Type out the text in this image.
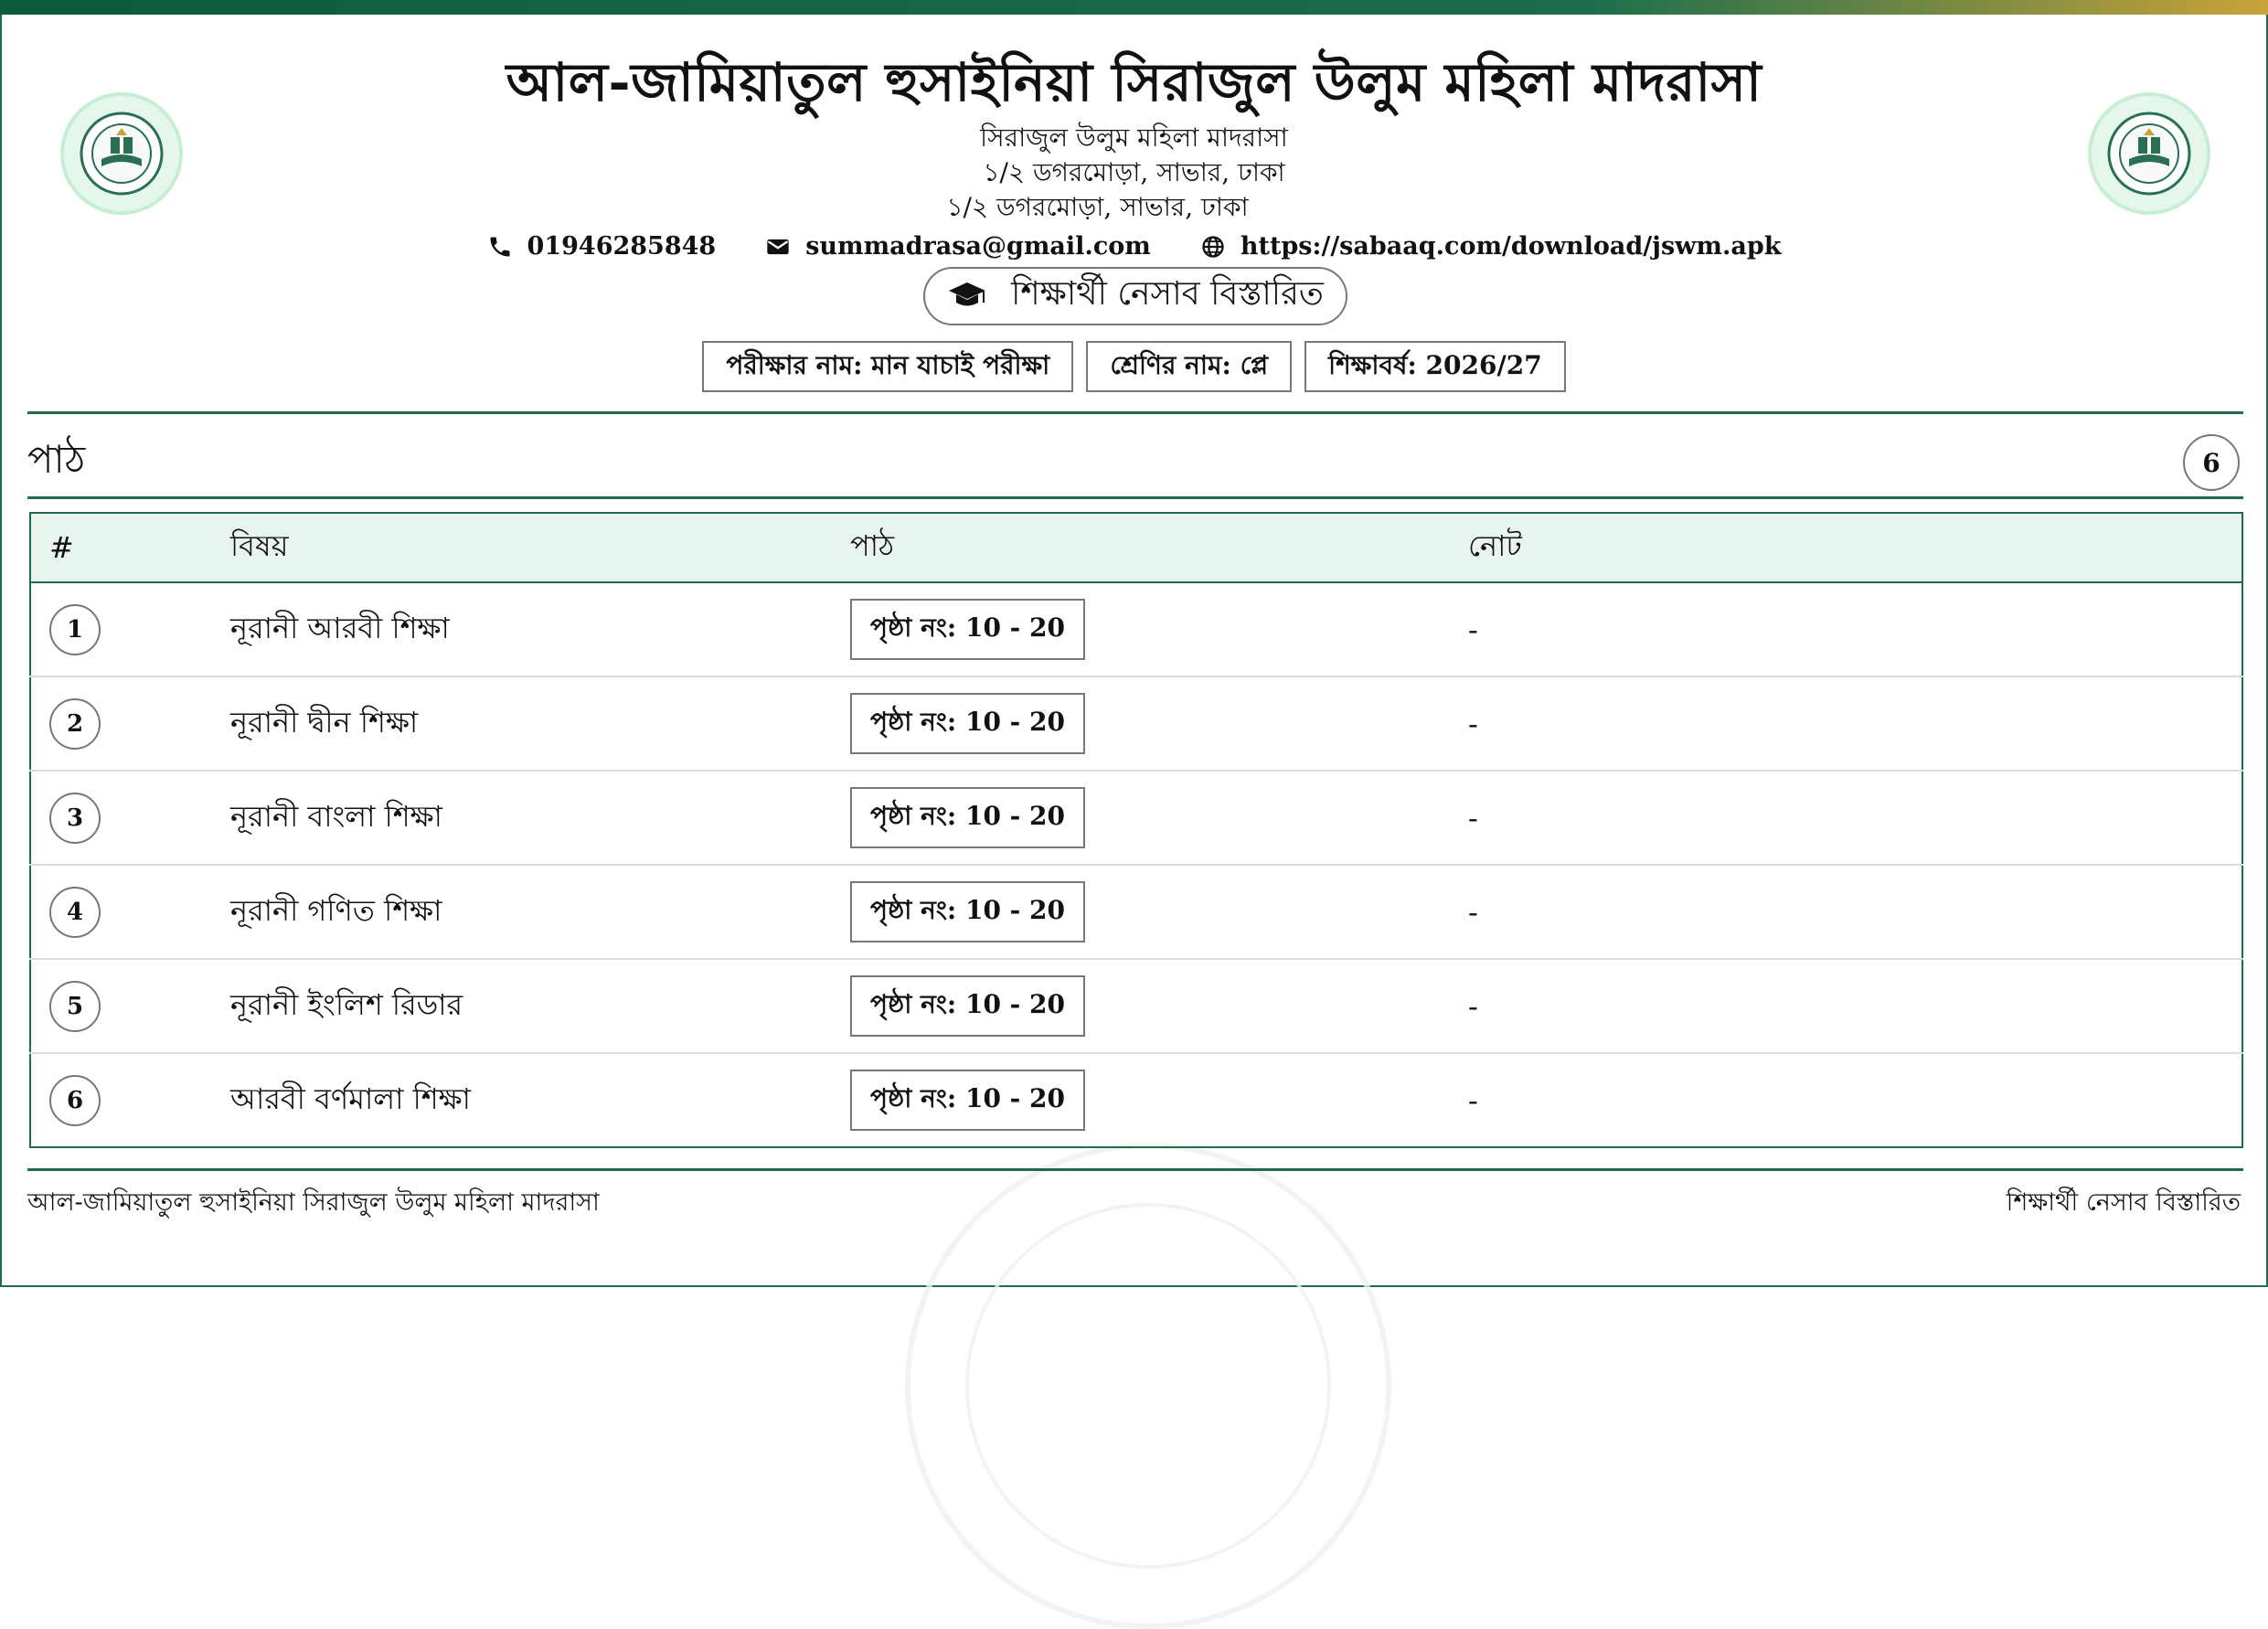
আল-জামিয়াতুল হুসাইনিয়া সিরাজুল উলুম মহিলা মাদরাসা
সিরাজুল উলুম মহিলা মাদরাসা
১/২ ডগরমোড়া, সাভার, ঢাকা
১/২ ডগরমোড়া, সাভার, ঢাকা
01946285848	summadrasa@gmail.com	https://sabaaq.com/download/jswm.apk
শিক্ষার্থী নেসাব বিস্তারিত
পরীক্ষার নাম: মান যাচাই পরীক্ষা	শ্রেণির নাম: প্লে	শিক্ষাবর্ষ: 2026/27
পাঠ	6
#	বিষয়	পাঠ	নোট
1	নূরানী আরবী শিক্ষা	পৃষ্ঠা নং: 10 - 20	-
2	নূরানী দ্বীন শিক্ষা	পৃষ্ঠা নং: 10 - 20	-
3	নূরানী বাংলা শিক্ষা	পৃষ্ঠা নং: 10 - 20	-
4	নূরানী গণিত শিক্ষা	পৃষ্ঠা নং: 10 - 20	-
5	নূরানী ইংলিশ রিডার	পৃষ্ঠা নং: 10 - 20	-
6	আরবী বর্ণমালা শিক্ষা	পৃষ্ঠা নং: 10 - 20	-
আল-জামিয়াতুল হুসাইনিয়া সিরাজুল উলুম মহিলা মাদরাসা	শিক্ষার্থী নেসাব বিস্তারিত
